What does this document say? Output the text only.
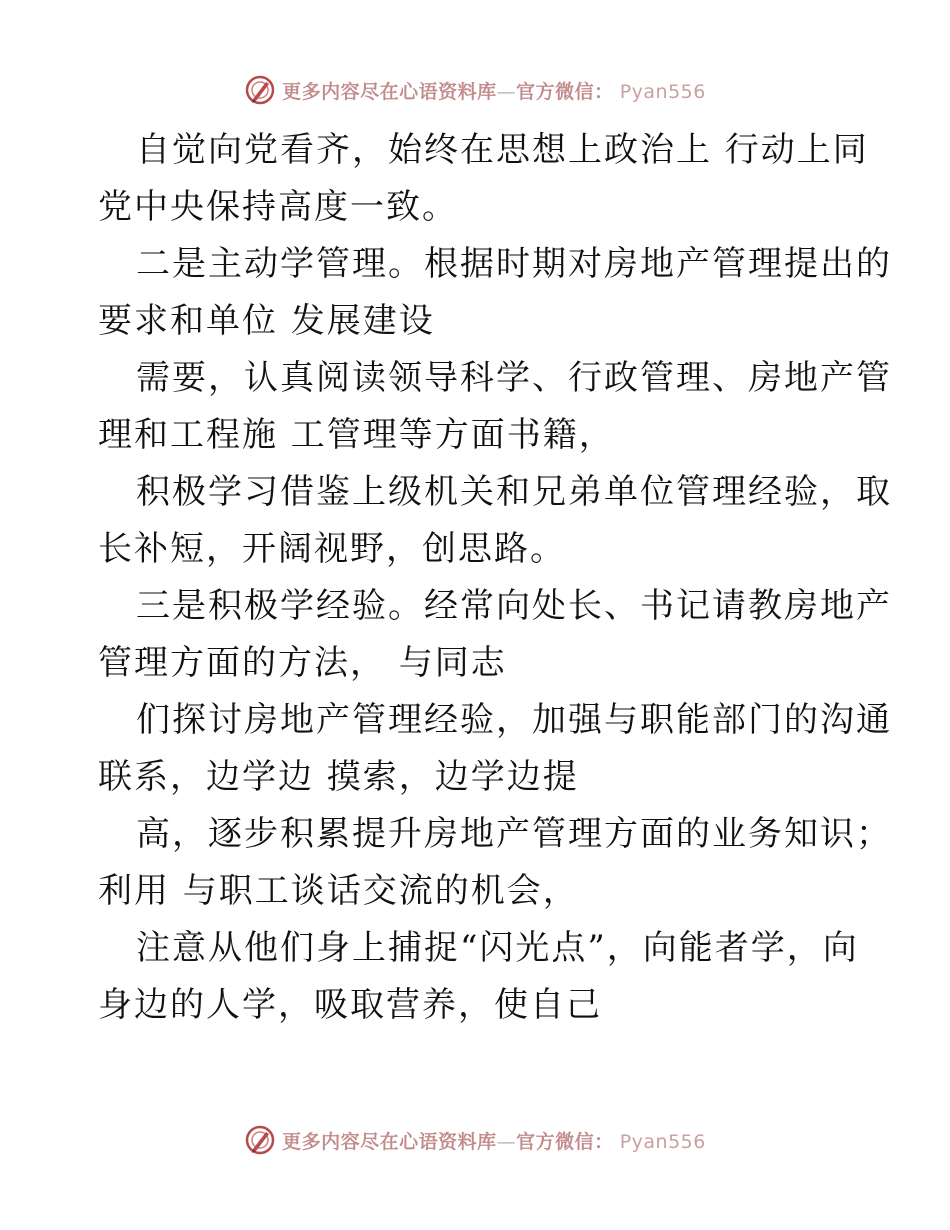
更多内容尽在心语资料库—官方微信： Pyan556

自觉向党看齐，始终在思想上政治上 行动上同
党中央保持高度一致。

二是主动学管理。根据时期对房地产管理提出的
要求和单位 发展建设

需要，认真阅读领导科学、行政管理、房地产管
理和工程施 工管理等方面书籍，

积极学习借鉴上级机关和兄弟单位管理经验，取
长补短，开阔视野，创思路。

三是积极学经验。经常向处长、书记请教房地产
管理方面的方法， 与同志

们探讨房地产管理经验，加强与职能部门的沟通
联系，边学边 摸索，边学边提

高，逐步积累提升房地产管理方面的业务知识；
利用 与职工谈话交流的机会，

注意从他们身上捕捉“闪光点”，向能者学，向
身边的人学，吸取营养，使自己

更多内容尽在心语资料库—官方微信： Pyan556
